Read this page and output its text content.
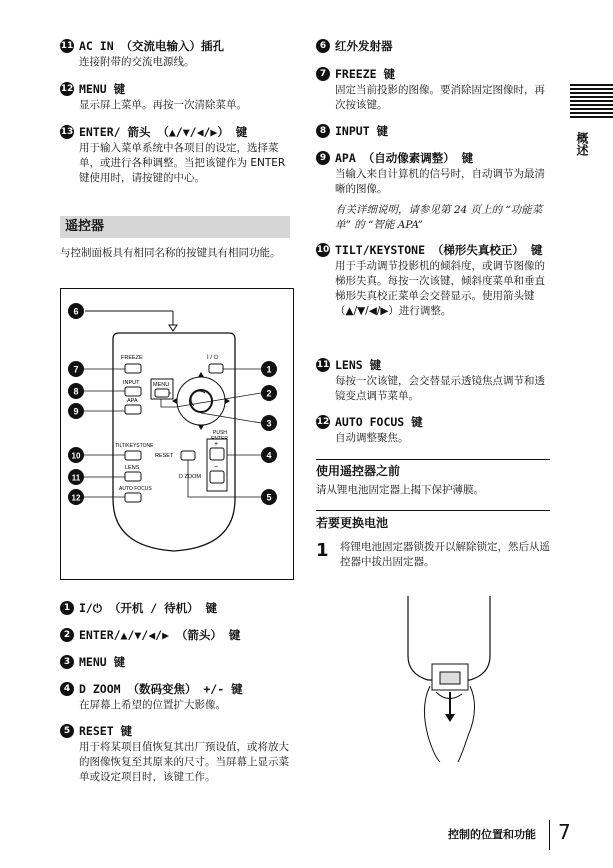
11 AC IN （交流电输入）插孔
连接附带的交流电源线。
12 MENU 键
显示屏上菜单。再按一次清除菜单。
13 ENTER/ 箭头 （▲/▼/◀/▶） 键
用于输入菜单系统中各项目的设定，选择菜单，或进行各种调整。当把该键作为 ENTER 键使用时，请按键的中心。
遥控器
与控制面板具有相同名称的按键具有相同功能。
1 I/⏻ （开机 / 待机） 键
2 ENTER/▲/▼/◀/▶ （箭头） 键
3 MENU 键
4 D ZOOM （数码变焦） +/- 键
在屏幕上希望的位置扩大影像。
5 RESET 键
用于将某项目值恢复其出厂预设值，或将放大的图像恢复至其原来的尺寸。当屏幕上显示菜单或设定项目时，该键工作。
FREEZE
INPUT
APA
I / ⏻
MENU
PUSH
TILT/KEYSTONE
LENS
AUTO FOCUS
RESET
+
−
D ZOOM
6
7
8
9
1
2
3
10
11
12
4
5
6 红外发射器
7 FREEZE 键
固定当前投影的图像。要消除固定图像时，再次按该键。
8 INPUT 键
9 APA （自动像素调整） 键
当输入来自计算机的信号时，自动调节为最清晰的图像。
有关详细说明，请参见第 24 页上的 “功能菜单” 的 “智能 APA”
10 TILT/KEYSTONE （梯形失真校正） 键
用于手动调节投影机的倾斜度，或调节图像的梯形失真。每按一次该键，倾斜度菜单和垂直梯形失真校正菜单会交替显示。使用箭头键 （▲/▼/◀/▶）进行调整。
11 LENS 键
每按一次该键，会交替显示透镜焦点调节和透镜变点调节菜单。
12 AUTO FOCUS 键
自动调整聚焦。
使用遥控器之前
请从锂电池固定器上揭下保护薄膜。
若要更换电池
1 将锂电池固定器锁拨开以解除锁定，然后从遥控器中拔出固定器。
概述
控制的位置和功能 7
